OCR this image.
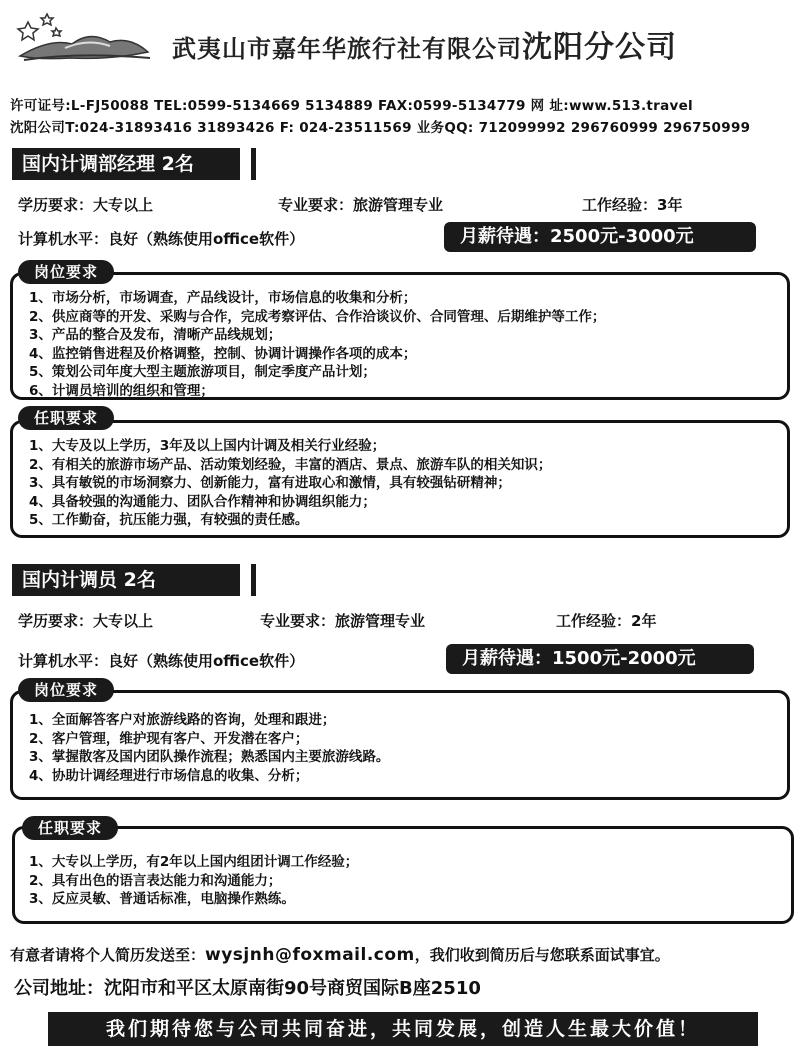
武夷山市嘉年华旅行社有限公司沈阳分公司
许可证号:L-FJ50088 TEL:0599-5134669 5134889 FAX:0599-5134779 网 址:www.513.travel
沈阳公司T:024-31893416 31893426 F: 024-23511569 业务QQ: 712099992 296760999 296750999
国内计调部经理 2名
学历要求：大专以上	专业要求：旅游管理专业	工作经验：3年
计算机水平：良好（熟练使用office软件）	月薪待遇：2500元-3000元
1、市场分析，市场调查，产品线设计，市场信息的收集和分析；
2、供应商等的开发、采购与合作，完成考察评估、合作洽谈议价、合同管理、后期维护等工作；
3、产品的整合及发布，清晰产品线规划；
4、监控销售进程及价格调整，控制、协调计调操作各项的成本；
5、策划公司年度大型主题旅游项目，制定季度产品计划；
6、计调员培训的组织和管理；
岗位要求
1、大专及以上学历，3年及以上国内计调及相关行业经验；
2、有相关的旅游市场产品、活动策划经验，丰富的酒店、景点、旅游车队的相关知识；
3、具有敏锐的市场洞察力、创新能力，富有进取心和激情，具有较强钻研精神；
4、具备较强的沟通能力、团队合作精神和协调组织能力；
5、工作勤奋，抗压能力强，有较强的责任感。
任职要求
国内计调员 2名
学历要求：大专以上	专业要求：旅游管理专业	工作经验：2年
计算机水平：良好（熟练使用office软件）	月薪待遇：1500元-2000元
1、全面解答客户对旅游线路的咨询，处理和跟进；
2、客户管理，维护现有客户、开发潜在客户；
3、掌握散客及国内团队操作流程；熟悉国内主要旅游线路。
4、协助计调经理进行市场信息的收集、分析；
岗位要求
1、大专以上学历，有2年以上国内组团计调工作经验；
2、具有出色的语言表达能力和沟通能力；
3、反应灵敏、普通话标准，电脑操作熟练。
任职要求
有意者请将个人简历发送至：wysjnh@foxmail.com，我们收到简历后与您联系面试事宜。
公司地址：沈阳市和平区太原南街90号商贸国际B座2510
我们期待您与公司共同奋进，共同发展，创造人生最大价值！
